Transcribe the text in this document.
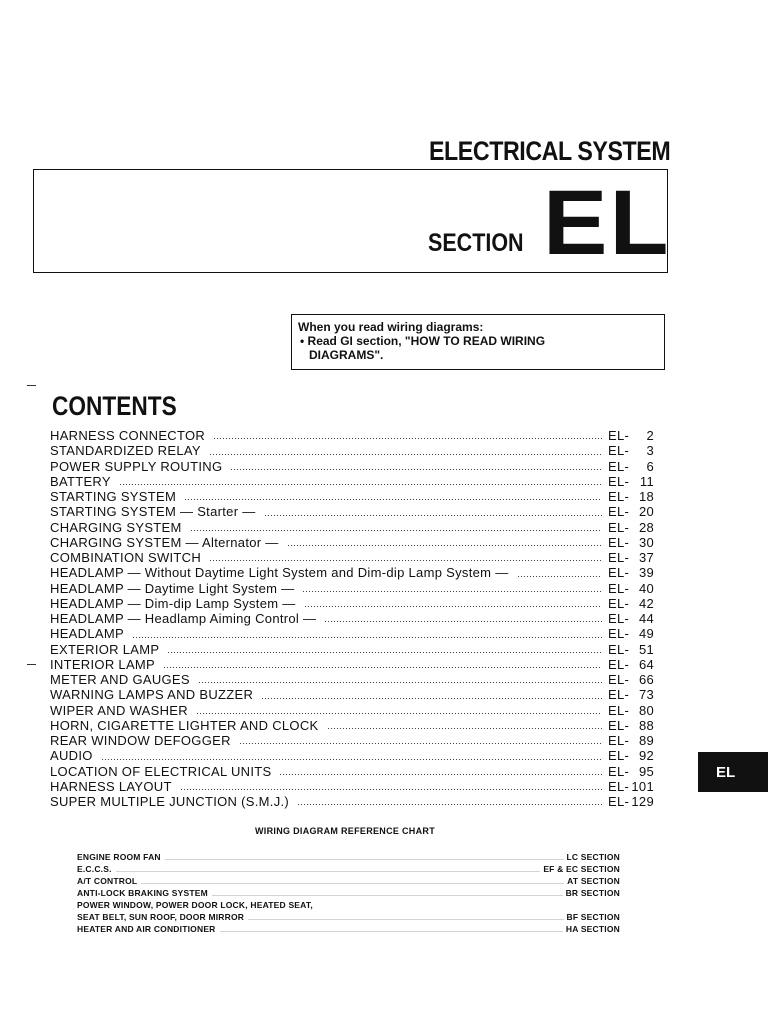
ELECTRICAL SYSTEM
SECTION EL
When you read wiring diagrams:
• Read GI section, "HOW TO READ WIRING
DIAGRAMS".
CONTENTS
HARNESS CONNECTOR	EL- 2
STANDARDIZED RELAY	EL- 3
POWER SUPPLY ROUTING	EL- 6
BATTERY	EL- 11
STARTING SYSTEM	EL- 18
STARTING SYSTEM — Starter —	EL- 20
CHARGING SYSTEM	EL- 28
CHARGING SYSTEM — Alternator —	EL- 30
COMBINATION SWITCH	EL- 37
HEADLAMP — Without Daytime Light System and Dim-dip Lamp System —	EL- 39
HEADLAMP — Daytime Light System —	EL- 40
HEADLAMP — Dim-dip Lamp System —	EL- 42
HEADLAMP — Headlamp Aiming Control —	EL- 44
HEADLAMP	EL- 49
EXTERIOR LAMP	EL- 51
INTERIOR LAMP	EL- 64
METER AND GAUGES	EL- 66
WARNING LAMPS AND BUZZER	EL- 73
WIPER AND WASHER	EL- 80
HORN, CIGARETTE LIGHTER AND CLOCK	EL- 88
REAR WINDOW DEFOGGER	EL- 89
AUDIO	EL- 92
LOCATION OF ELECTRICAL UNITS	EL- 95
HARNESS LAYOUT	EL- 101
SUPER MULTIPLE JUNCTION (S.M.J.)	EL- 129
WIRING DIAGRAM REFERENCE CHART
ENGINE ROOM FAN	LC SECTION
E.C.C.S.	EF & EC SECTION
A/T CONTROL	AT SECTION
ANTI-LOCK BRAKING SYSTEM	BR SECTION
POWER WINDOW, POWER DOOR LOCK, HEATED SEAT,
SEAT BELT, SUN ROOF, DOOR MIRROR	BF SECTION
HEATER AND AIR CONDITIONER	HA SECTION
EL
